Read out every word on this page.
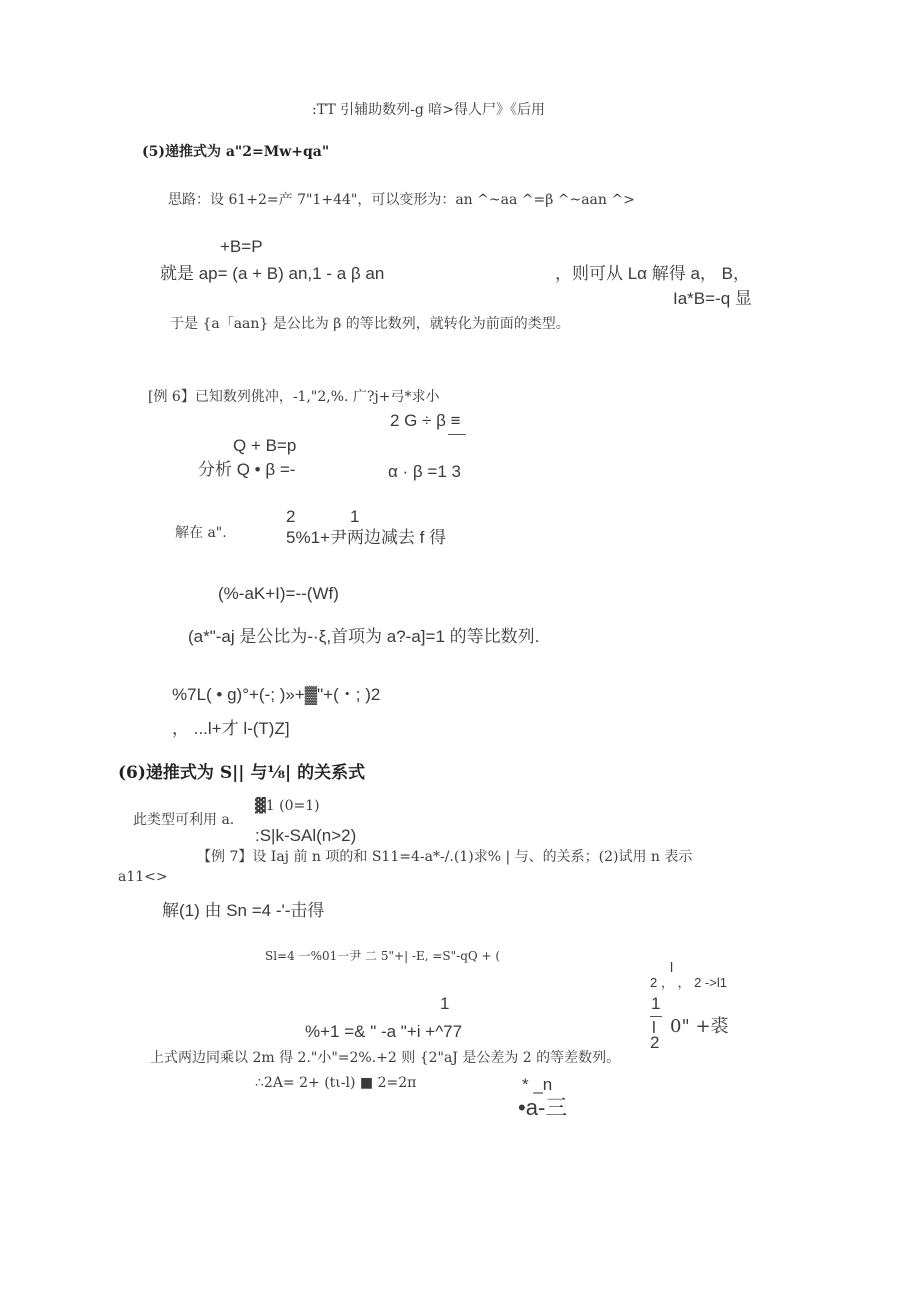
:TT 引辅助数列-g 喑>得人尸》《后用
(5)递推式为 a"2=Mw+qa"
思路：设 61+2=产 7"1+44"，可以变形为：an ^~aa ^=β ^~aan ^>
+B=P
就是 ap= (a + B) an,1 - a β an	，则可从 Lα 解得 a， B，
Ia*B=-q 显
于是 {a「aan} 是公比为 β 的等比数列，就转化为前面的类型。
[例 6】已知数列佻冲，-1,"2,%. 广?j+弓*求小
2 G ÷ β ≡
Q + B=p
分析 Q • β =-	α · β =1 3
2	1
解在 a".	5%1+尹两边减去 f 得
(%-aK+I)=--(Wf)
(a*"-aj 是公比为-·ξ,首项为 a?-a]=1 的等比数列.
%7L( • g)°+(-; )»+▓"+(・; )2
， ...l+才 l-(T)Z]
(6)递推式为 S|| 与⅛| 的关系式
此类型可利用 a.
▓1 (0=1)
:S|k-SAl(n>2)
【例 7】设 Iaj 前 n 项的和 S11=4-a*-/.(1)求% | 与、的关系；(2)试用 n 表示
a11<>
解(1) 由 Sn =4 -'-击得
Sl=4 一%01一尹 二 5"+| -E, =S"-qQ + (
l
2 ， ， 2 ->l1
1
l
2
0" +裘
1
%+1 =& " -a "+i +^77
上式两边同乘以 2m 得 2."小"=2%.+2 则 {2"aJ 是公差为 2 的等差数列。
∴2A= 2+ (tι-l) ■ 2=2π	* _n
•a-三
